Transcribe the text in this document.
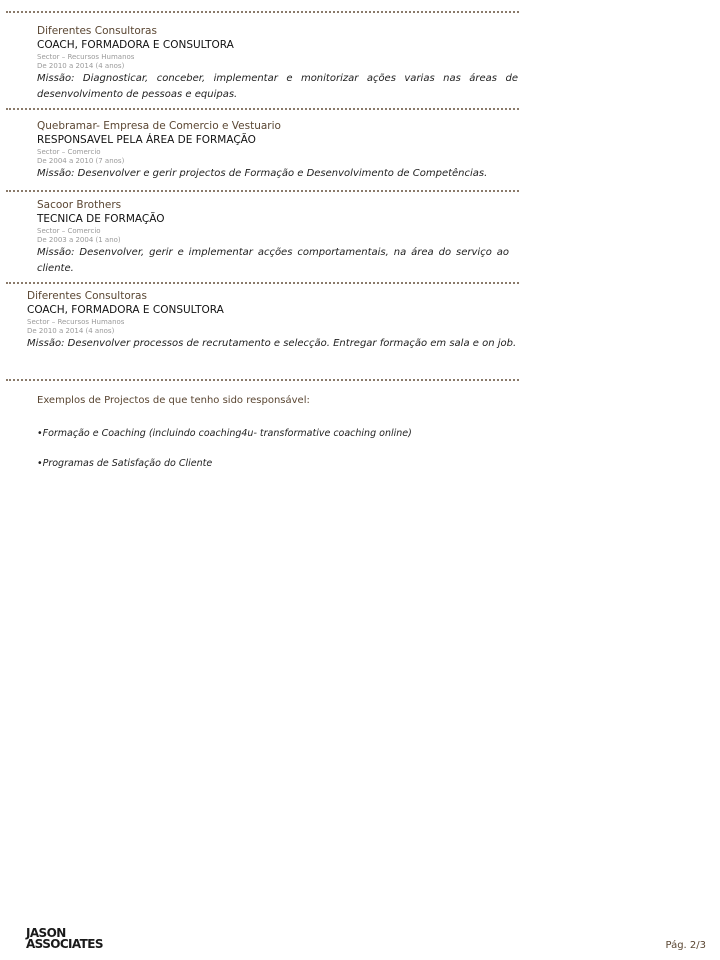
Diferentes Consultoras

COACH, FORMADORA E CONSULTORA

Sector – Recursos Humanos

De 2010 a 2014 (4 anos)

Missão: Diagnosticar, conceber, implementar e monitorizar ações varias nas áreas de desenvolvimento de pessoas e equipas.

Quebramar- Empresa de Comercio e Vestuario

RESPONSAVEL PELA ÁREA DE FORMAÇÃO

Sector – Comercio

De 2004 a 2010 (7 anos)

Missão: Desenvolver e gerir projectos de Formação e Desenvolvimento de Competências.

Sacoor Brothers

TECNICA DE FORMAÇÃO

Sector – Comercio

De 2003 a 2004 (1 ano)

Missão: Desenvolver, gerir e implementar acções comportamentais, na área do serviço ao cliente.

Diferentes Consultoras

COACH, FORMADORA E CONSULTORA

Sector – Recursos Humanos

De 2010 a 2014 (4 anos)

Missão: Desenvolver processos de recrutamento e selecção. Entregar formação em sala e on job.

Exemplos de Projectos de que tenho sido responsável:

•Formação e Coaching (incluindo coaching4u- transformative coaching online)

•Programas de Satisfação do Cliente

JASON
ASSOCIATES	Pág. 2/3
